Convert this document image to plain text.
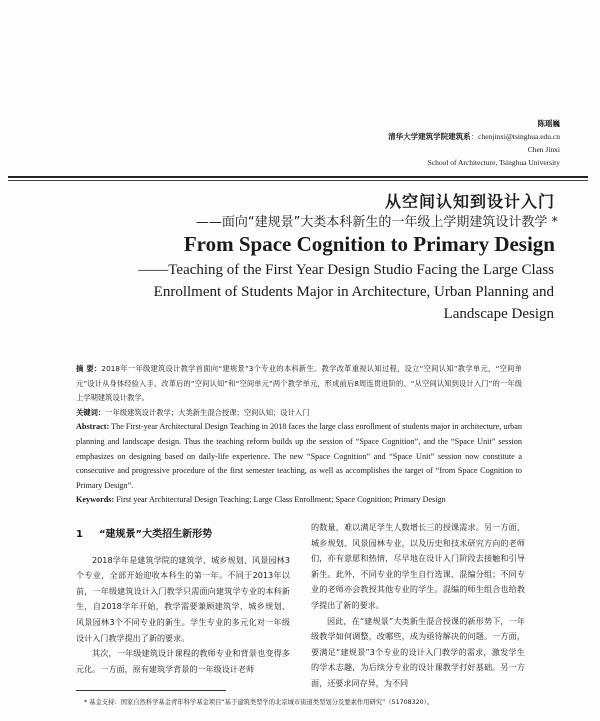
陈瑶巍
清华大学建筑学院建筑系：chenjinxi@tsinghua.edu.cn
Chen Jinxi
School of Architecture, Tsinghua University
从空间认知到设计入门
——面向“建规景”大类本科新生的一年级上学期建筑设计教学 *
From Space Cognition to Primary Design
——Teaching of the First Year Design Studio Facing the Large Class
Enrollment of Students Major in Architecture, Urban Planning and
Landscape Design

摘 要：2018年一年级建筑设计教学首面向“建规景”3个专业的本科新生。教学改革重视认知过程，设立“空间认知”教学单元，“空间单元”设计从身体经验入手。改革后的“空间认知”和“空间单元”两个教学单元，形成前后8周连贯进阶的、“从空间认知到设计入门”的一年级上学期建筑设计教学。

关键词：一年级建筑设计教学；大类新生混合授课；空间认知；设计入门

Abstract: The First-year Architectural Design Teaching in 2018 faces the large class enrollment of students major in architecture, urban planning and landscape design. Thus the teaching reform builds up the session of “Space Cognition”, and the “Space Unit” session emphasizes on designing based on daily-life experience. The new “Space Cognition” and “Space Unit” session now constitute a consecutive and progressive procedure of the first semester teaching, as well as accomplishes the target of “from Space Cognition to Primary Design”.

Keywords: First year Architectural Design Teaching; Large Class Enrollment; Space Cognition; Primary Design

1 “建规景”大类招生新形势

2018学年是建筑学院的建筑学、城乡规划、风景园林3个专业，全部开始迎收本科生的第一年。不同于2013年以前，一年级建筑设计入门教学只需面向建筑学专业的本科新生，自2018学年开始，教学需要兼顾建筑学、城乡规划、风景园林3个不同专业的新生。学生专业的多元化对一年级设计入门教学提出了新的要求。

其次，一年级建筑设计课程的教师专业和背景也变得多元化。一方面，原有建筑学背景的一年级设计老师

的数量，难以满足学生人数增长三的授课需求。另一方面，城乡规划、风景园林专业，以及历史和技术研究方向的老师们，亦有意愿和热情，尽早地在设计入门阶段去接触和引导新生。此外，不同专业的学生自行选课、混编分组；不同专业的老师亦会教授其他专业的学生。混编的师生组合也给教学提出了新的要求。

因此，在“建规景”大类新生混合授课的新形势下，一年级教学如何调整，改哪些，成为亟待解决的问题。一方面，要满足“建规景”3个专业的设计入门教学的需求，激发学生的学术志趣，为后续分专业的设计课教学打好基础。另一方面，还要求同存异，为不同

* 基金支持：国家自然科学基金青年科学基金项目“基于建筑类型学的北京城市街道类型划分及要素作用研究”（51708320）。
